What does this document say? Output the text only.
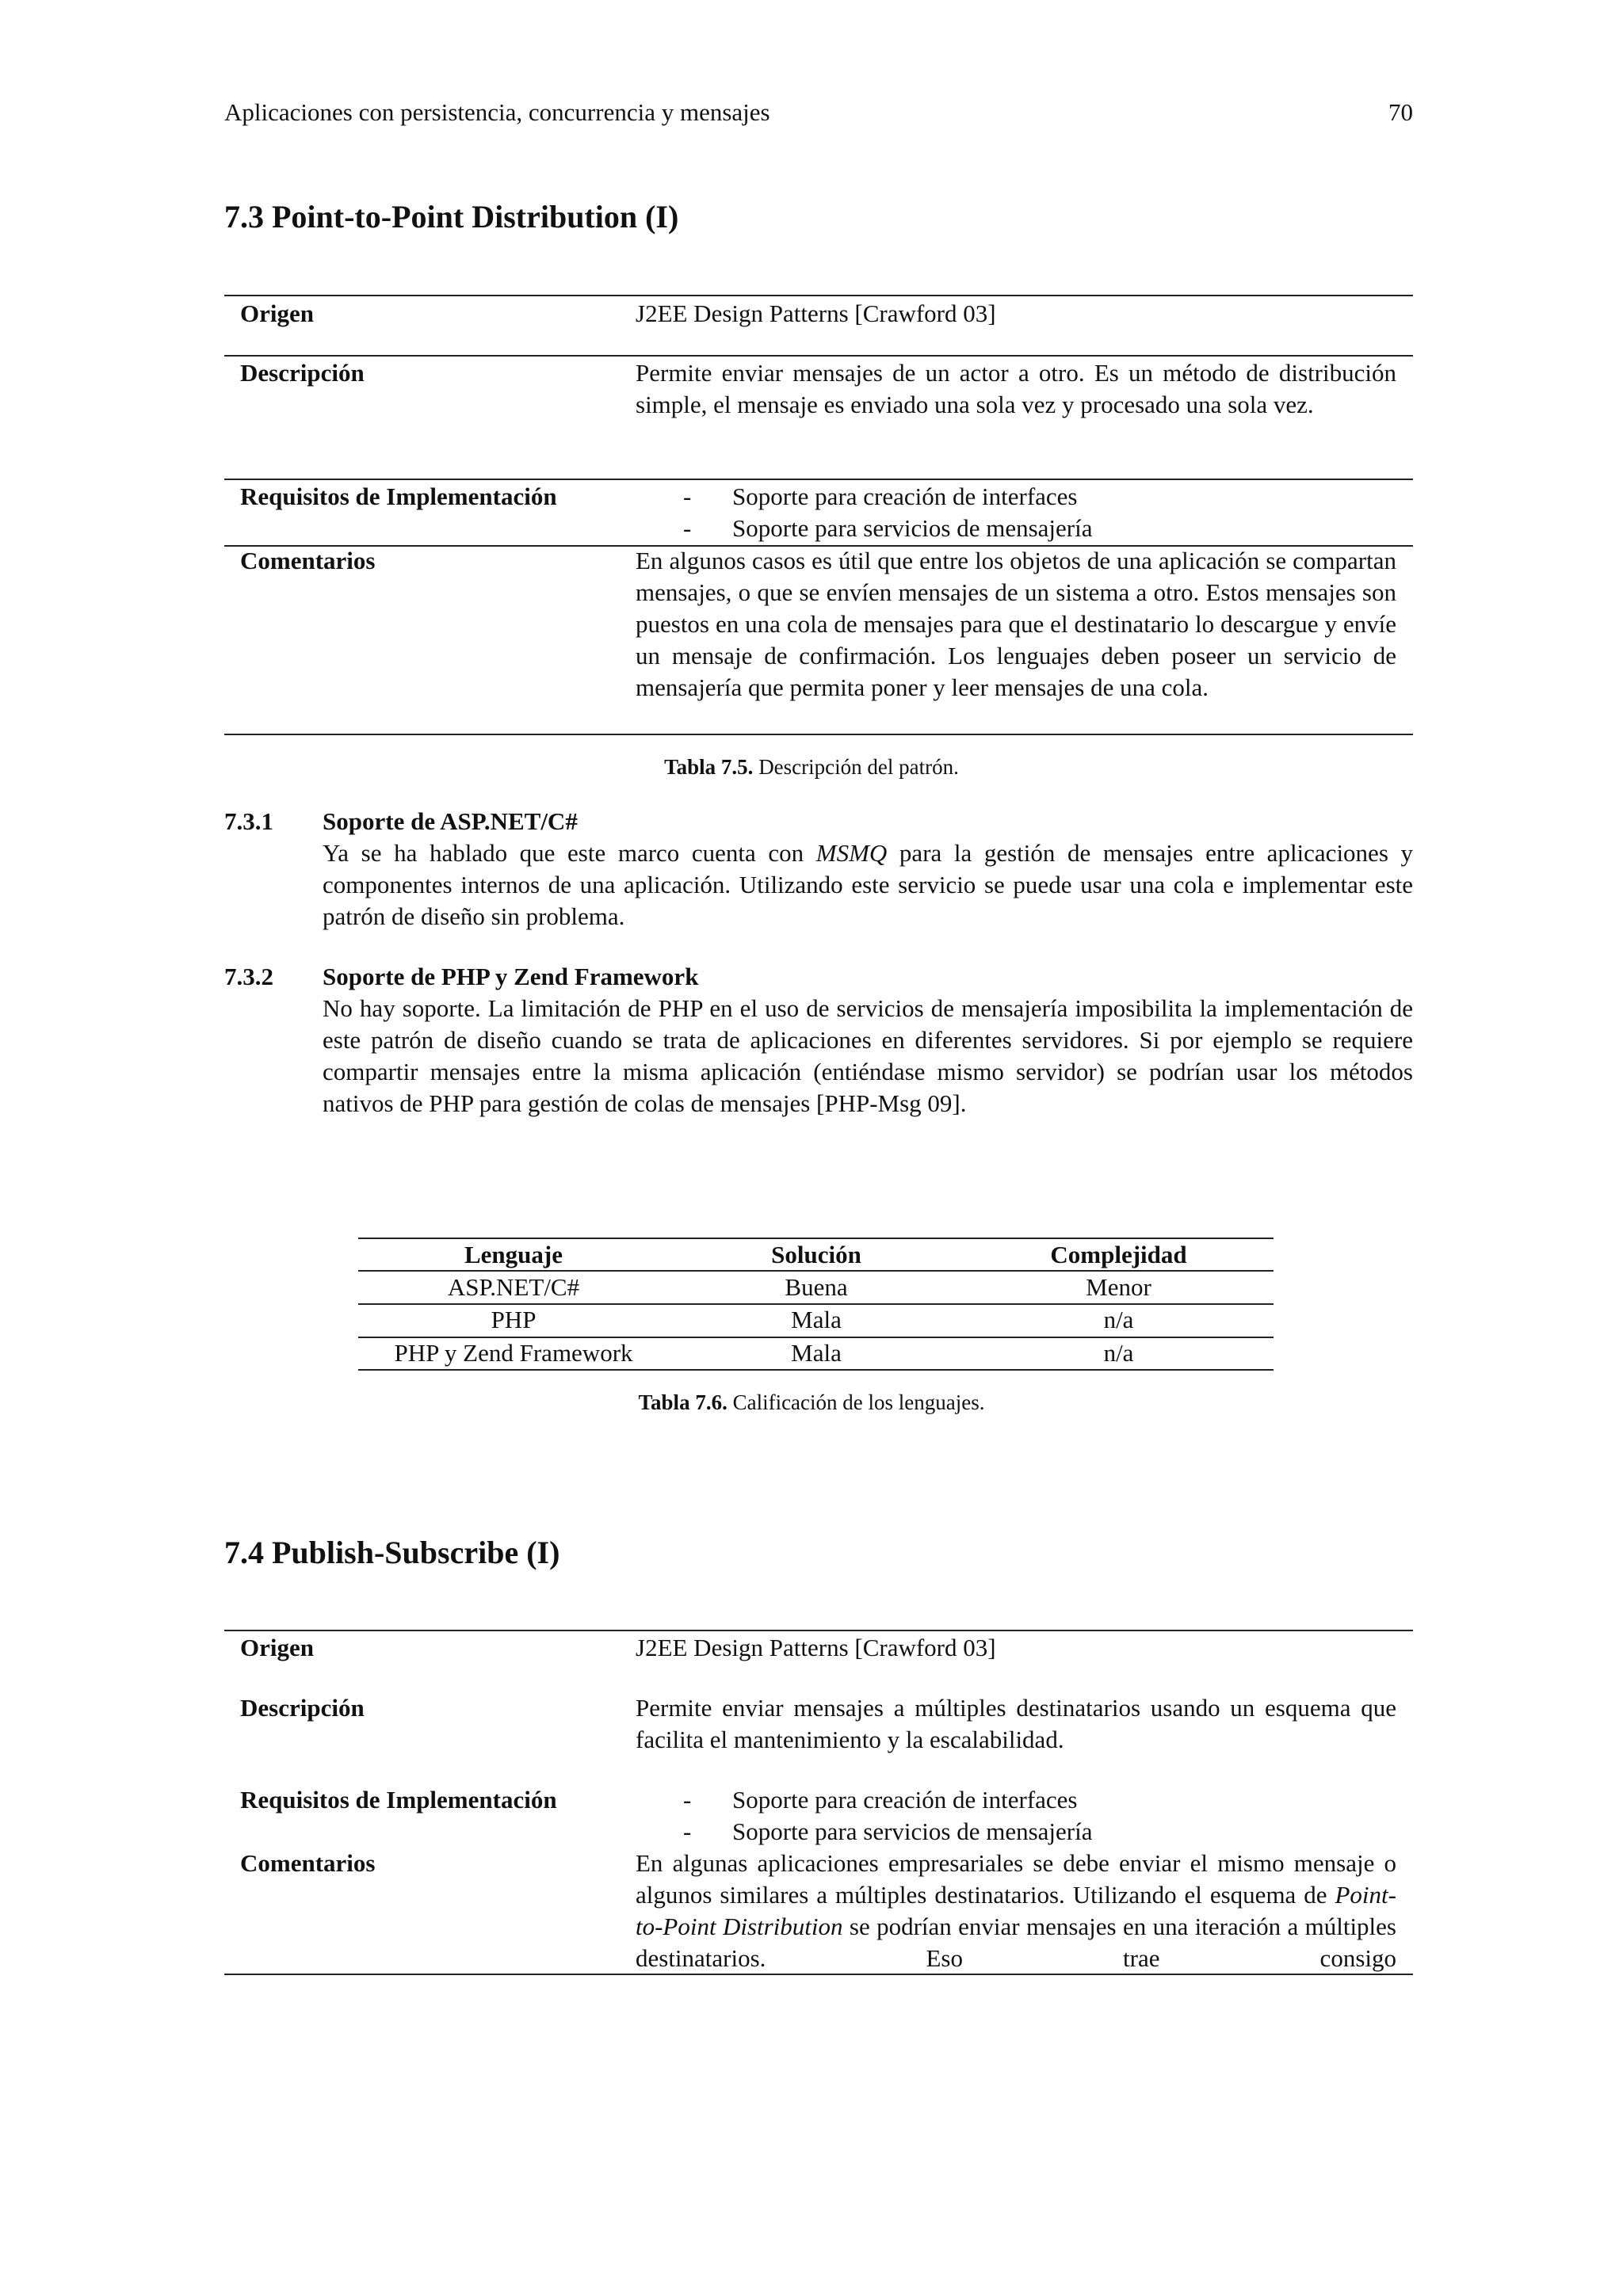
Aplicaciones con persistencia, concurrencia y mensajes	70
7.3 Point-to-Point Distribution (I)
Origen	J2EE Design Patterns [Crawford 03]
Descripción	Permite enviar mensajes de un actor a otro. Es un método de distribución simple, el mensaje es enviado una sola vez y procesado una sola vez.
Requisitos de Implementación	- Soporte para creación de interfaces
- Soporte para servicios de mensajería
Comentarios	En algunos casos es útil que entre los objetos de una aplicación se compartan mensajes, o que se envíen mensajes de un sistema a otro. Estos mensajes son puestos en una cola de mensajes para que el destinatario lo descargue y envíe un mensaje de confirmación. Los lenguajes deben poseer un servicio de mensajería que permita poner y leer mensajes de una cola.
Tabla 7.5. Descripción del patrón.
7.3.1 Soporte de ASP.NET/C#

Ya se ha hablado que este marco cuenta con MSMQ para la gestión de mensajes entre aplicaciones y componentes internos de una aplicación. Utilizando este servicio se puede usar una cola e implementar este patrón de diseño sin problema.

7.3.2 Soporte de PHP y Zend Framework

No hay soporte. La limitación de PHP en el uso de servicios de mensajería imposibilita la implementación de este patrón de diseño cuando se trata de aplicaciones en diferentes servidores. Si por ejemplo se requiere compartir mensajes entre la misma aplicación (entiéndase mismo servidor) se podrían usar los métodos nativos de PHP para gestión de colas de mensajes [PHP-Msg 09].

Lenguaje	Solución	Complejidad
ASP.NET/C#	Buena	Menor
PHP	Mala	n/a
PHP y Zend Framework	Mala	n/a
Tabla 7.6. Calificación de los lenguajes.
7.4 Publish-Subscribe (I)
Origen	J2EE Design Patterns [Crawford 03]
Descripción	Permite enviar mensajes a múltiples destinatarios usando un esquema que facilita el mantenimiento y la escalabilidad.
Requisitos de Implementación	- Soporte para creación de interfaces
- Soporte para servicios de mensajería
Comentarios	En algunas aplicaciones empresariales se debe enviar el mismo mensaje o algunos similares a múltiples destinatarios. Utilizando el esquema de Point-to-Point Distribution se podrían enviar mensajes en una iteración a múltiples destinatarios. Eso trae consigo
